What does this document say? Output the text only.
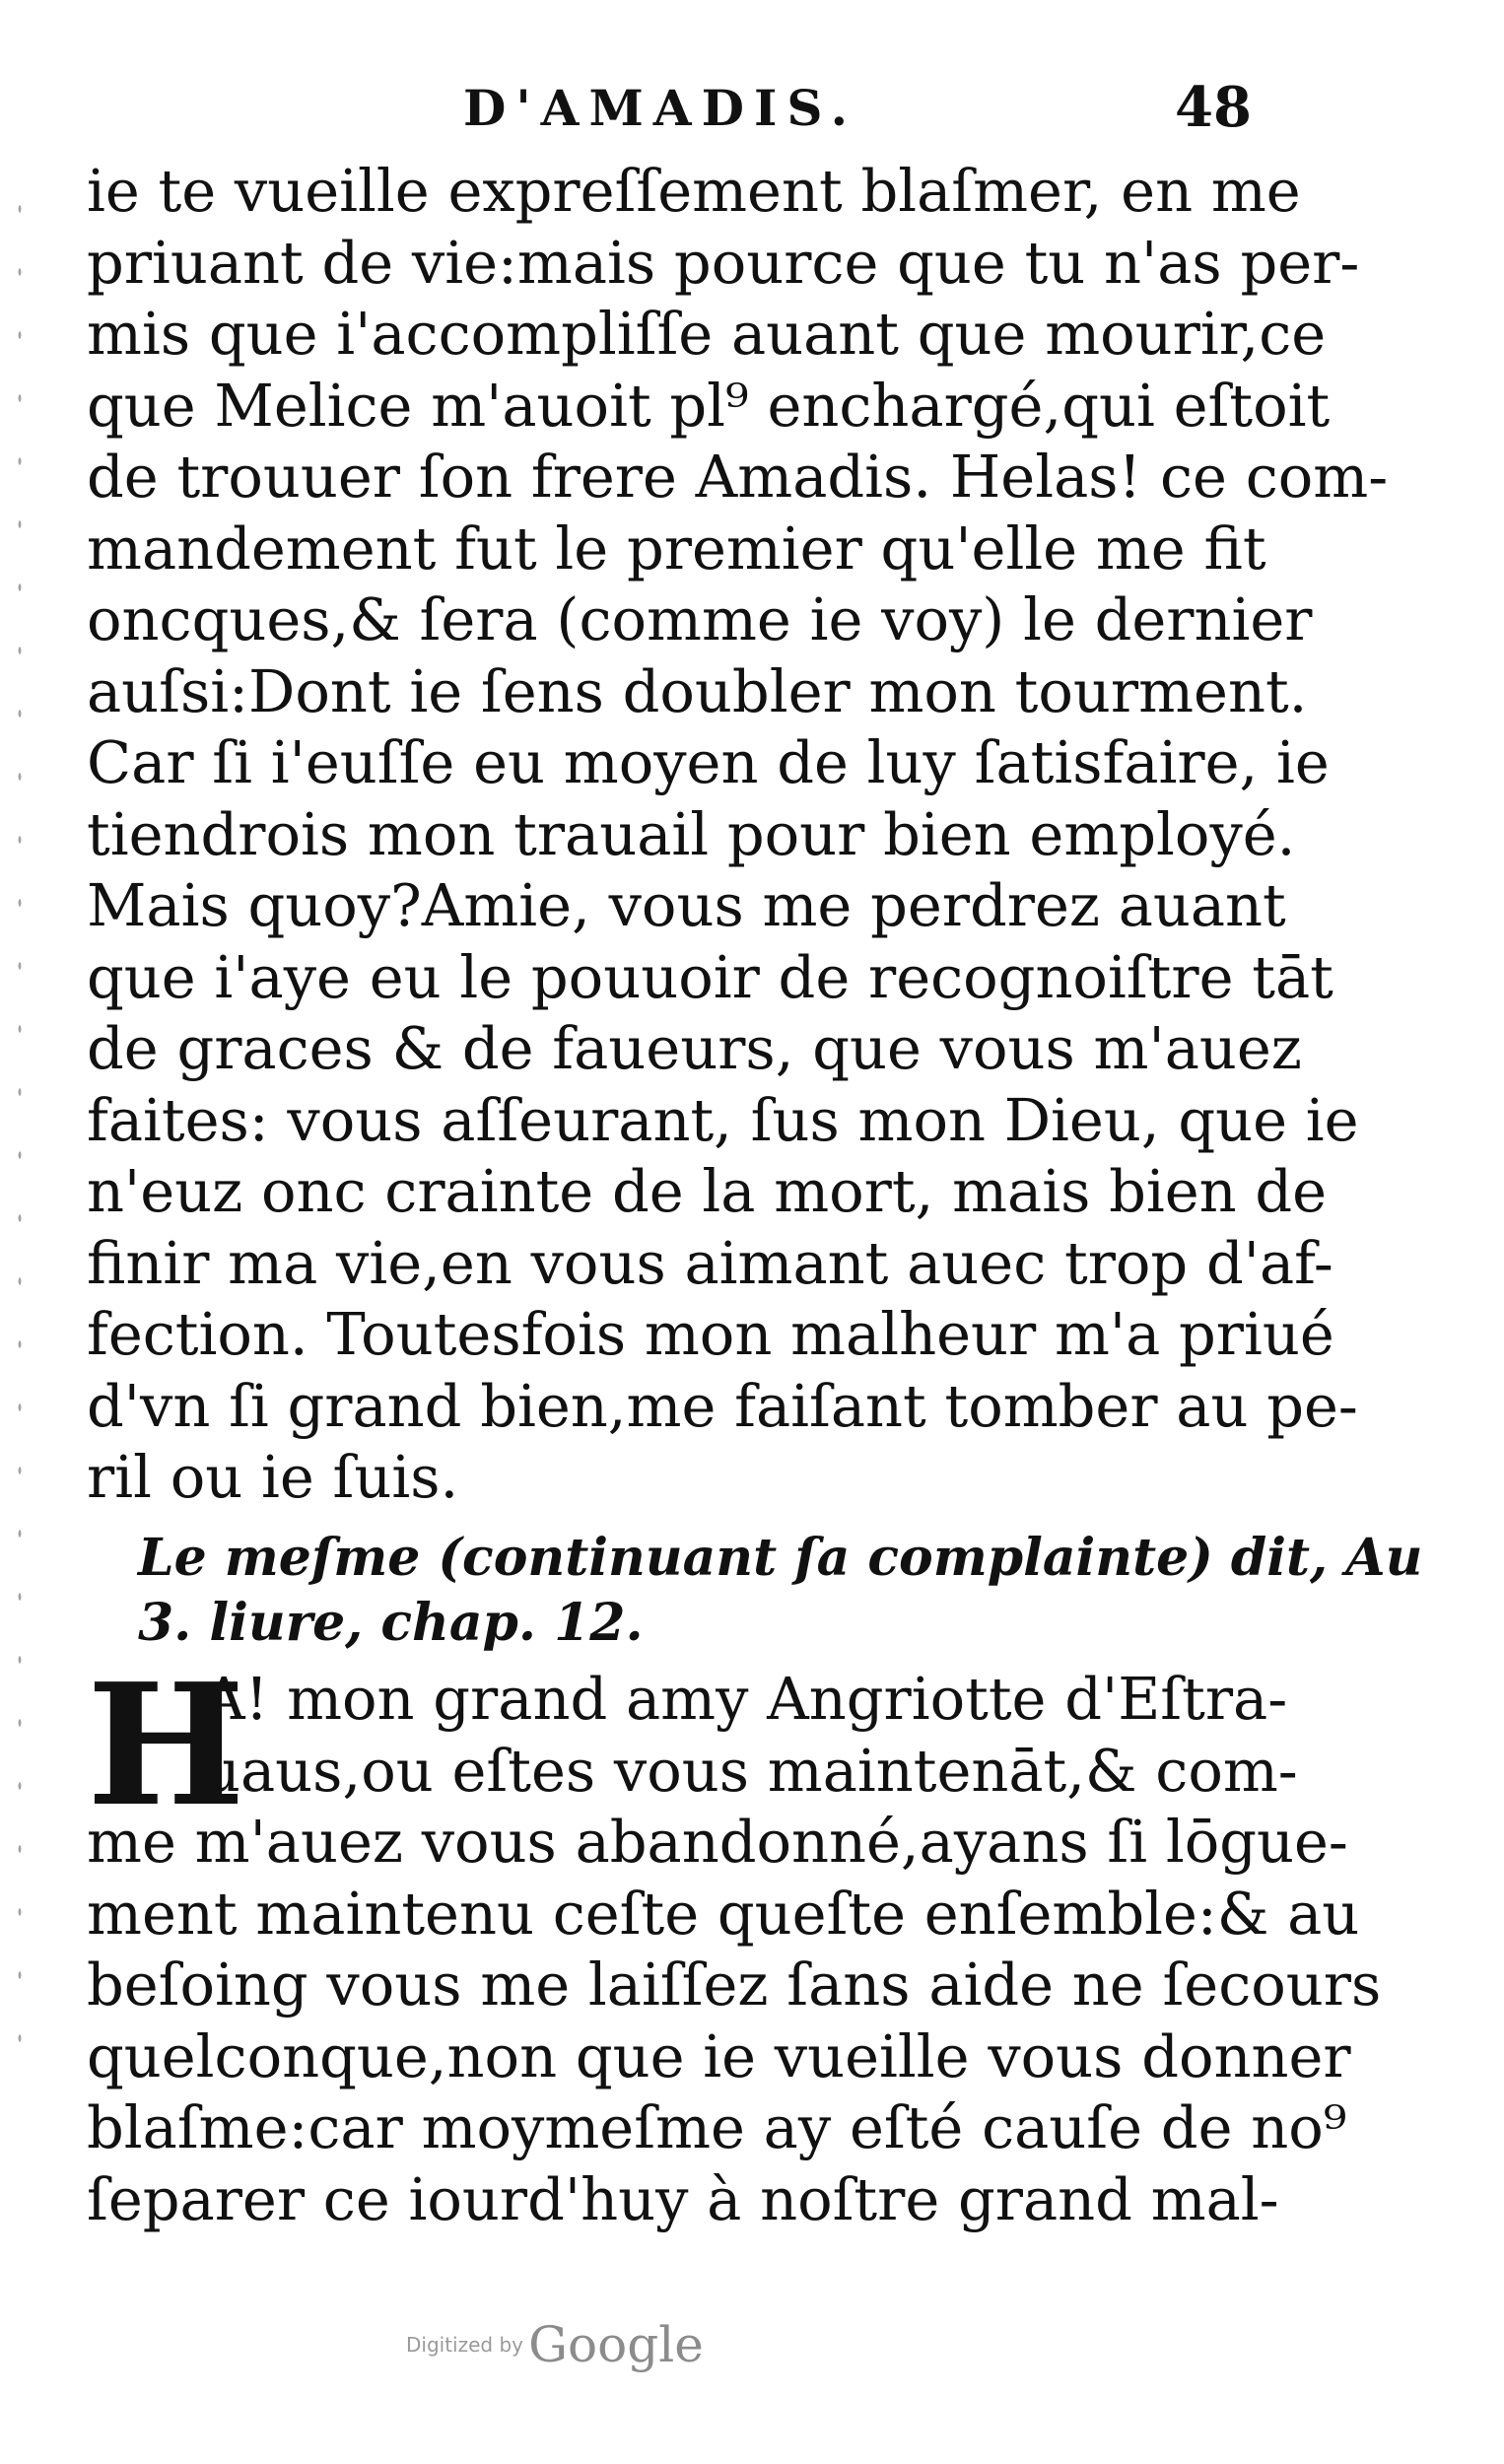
D'AMADIS.	48
ie te vueille expreſſement blaſmer, en me
priuant de vie:mais pource que tu n'as per-
mis que i'accompliſſe auant que mourir,ce
que Melice m'auoit pl⁹ enchargé,qui eſtoit
de trouuer ſon frere Amadis. Helas! ce com-
mandement fut le premier qu'elle me fit
oncques,& ſera (comme ie voy) le dernier
auſsi:Dont ie ſens doubler mon tourment.
Car ſi i'euſſe eu moyen de luy ſatisfaire, ie
tiendrois mon trauail pour bien employé.
Mais quoy?Amie, vous me perdrez auant
que i'aye eu le pouuoir de recognoiſtre tāt
de graces & de faueurs, que vous m'auez
faites: vous aſſeurant, ſus mon Dieu, que ie
n'euz onc crainte de la mort, mais bien de
finir ma vie,en vous aimant auec trop d'af-
fection. Toutesfois mon malheur m'a priué
d'vn ſi grand bien,me faiſant tomber au pe-
ril ou ie ſuis.
Le meſme (continuant ſa complainte) dit, Au
3. liure, chap. 12.
H
A! mon grand amy Angriotte d'Eſtra-
uaus,ou eſtes vous maintenāt,& com-
me m'auez vous abandonné,ayans ſi lōgue-
ment maintenu ceſte queſte enſemble:& au
beſoing vous me laiſſez ſans aide ne ſecours
quelconque,non que ie vueille vous donner
blaſme:car moymeſme ay eſté cauſe de no⁹
ſeparer ce iourd'huy à noſtre grand mal-
Digitized by Google
